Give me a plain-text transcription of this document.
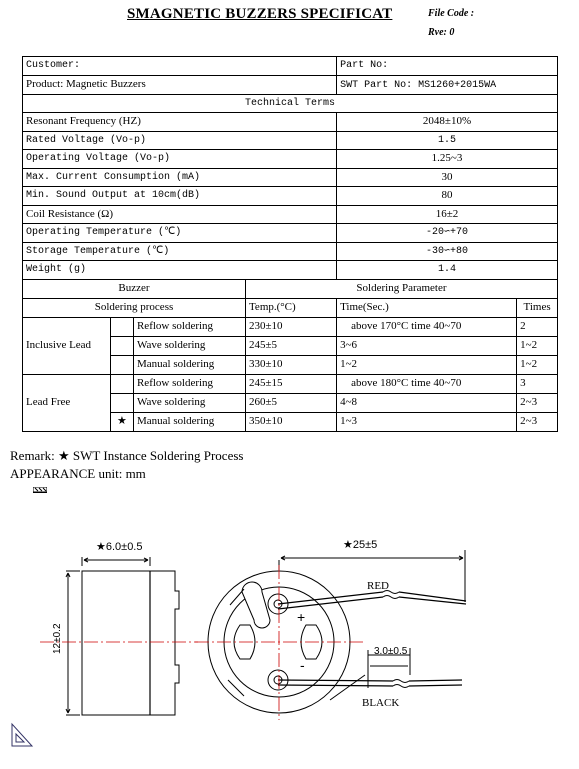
SMAGNETIC BUZZERS SPECIFICAT	File Code :
Rve: 0
Customer:				Part No:	
Product: Magnetic Buzzers				SWT Part No: MS1260+2015WA	
Technical Terms					
Resonant Frequency (HZ)				2048±10%	
Rated Voltage (Vo-p)				1.5	
Operating Voltage (Vo-p)				1.25~3	
Max. Current Consumption (mA)				30	
Min. Sound Output at 10cm(dB)				80	
Coil Resistance (Ω)				16±2	
Operating Temperature (℃)				-20∽+70	
Storage Temperature (℃)				-30∽+80	
Weight (g)				1.4	
Buzzer			Soldering Parameter		
Soldering process			Temp.(°C)	Time(Sec.)	Times
Inclusive Lead		Reflow soldering	230±10	above 170°C time 40~70	2
		Wave soldering	245±5	3~6	1~2
		Manual soldering	330±10	1~2	1~2
Lead Free		Reflow soldering	245±15	above 180°C time 40~70	3
		Wave soldering	260±5	4~8	2~3
	★	Manual soldering	350±10	1~3	2~3
Remark: ★ SWT Instance Soldering Process
APPEARANCE unit: mm
★6.0±0.5
12±0.2
★25±5
RED
BLACK
3.0±0.5
+
-
